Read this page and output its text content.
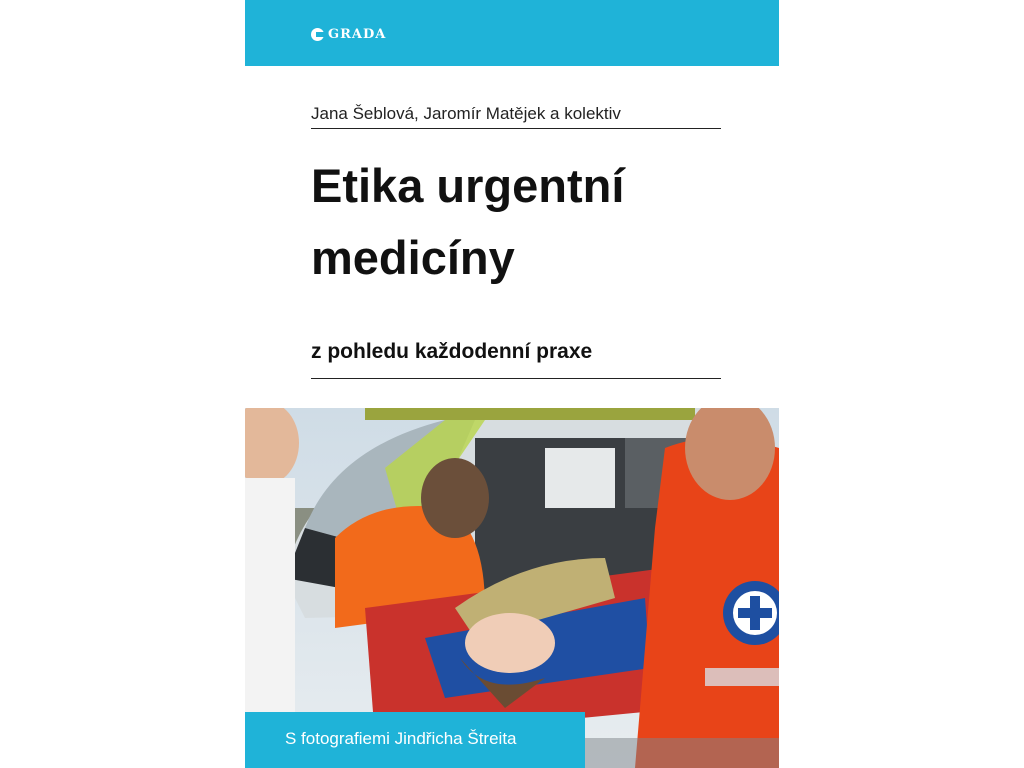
GRADA
Jana Šeblová, Jaromír Matějek a kolektiv
Etika urgentní
medicíny
z pohledu každodenní praxe
S fotografiemi Jindřicha Štreita
